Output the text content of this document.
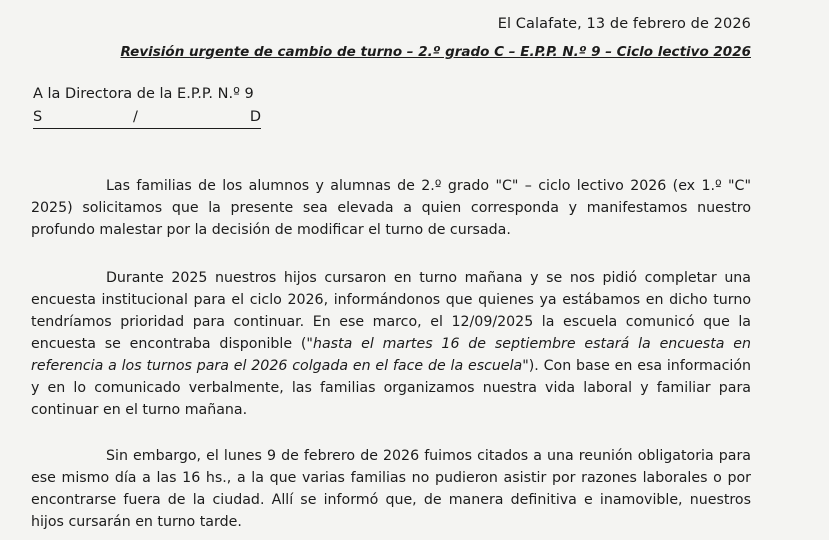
El Calafate, 13 de febrero de 2026
Revisión urgente de cambio de turno – 2.º grado C – E.P.P. N.º 9 – Ciclo lectivo 2026
A la Directora de la E.P.P. N.º 9
S	/	D

Las familias de los alumnos y alumnas de 2.º grado "C" – ciclo lectivo 2026 (ex 1.º "C" 2025) solicitamos que la presente sea elevada a quien corresponda y manifestamos nuestro profundo malestar por la decisión de modificar el turno de cursada.

Durante 2025 nuestros hijos cursaron en turno mañana y se nos pidió completar una encuesta institucional para el ciclo 2026, informándonos que quienes ya estábamos en dicho turno tendríamos prioridad para continuar. En ese marco, el 12/09/2025 la escuela comunicó que la encuesta se encontraba disponible ("hasta el martes 16 de septiembre estará la encuesta en referencia a los turnos para el 2026 colgada en el face de la escuela"). Con base en esa información y en lo comunicado verbalmente, las familias organizamos nuestra vida laboral y familiar para continuar en el turno mañana.

Sin embargo, el lunes 9 de febrero de 2026 fuimos citados a una reunión obligatoria para ese mismo día a las 16 hs., a la que varias familias no pudieron asistir por razones laborales o por encontrarse fuera de la ciudad. Allí se informó que, de manera definitiva e inamovible, nuestros hijos cursarán en turno tarde.
